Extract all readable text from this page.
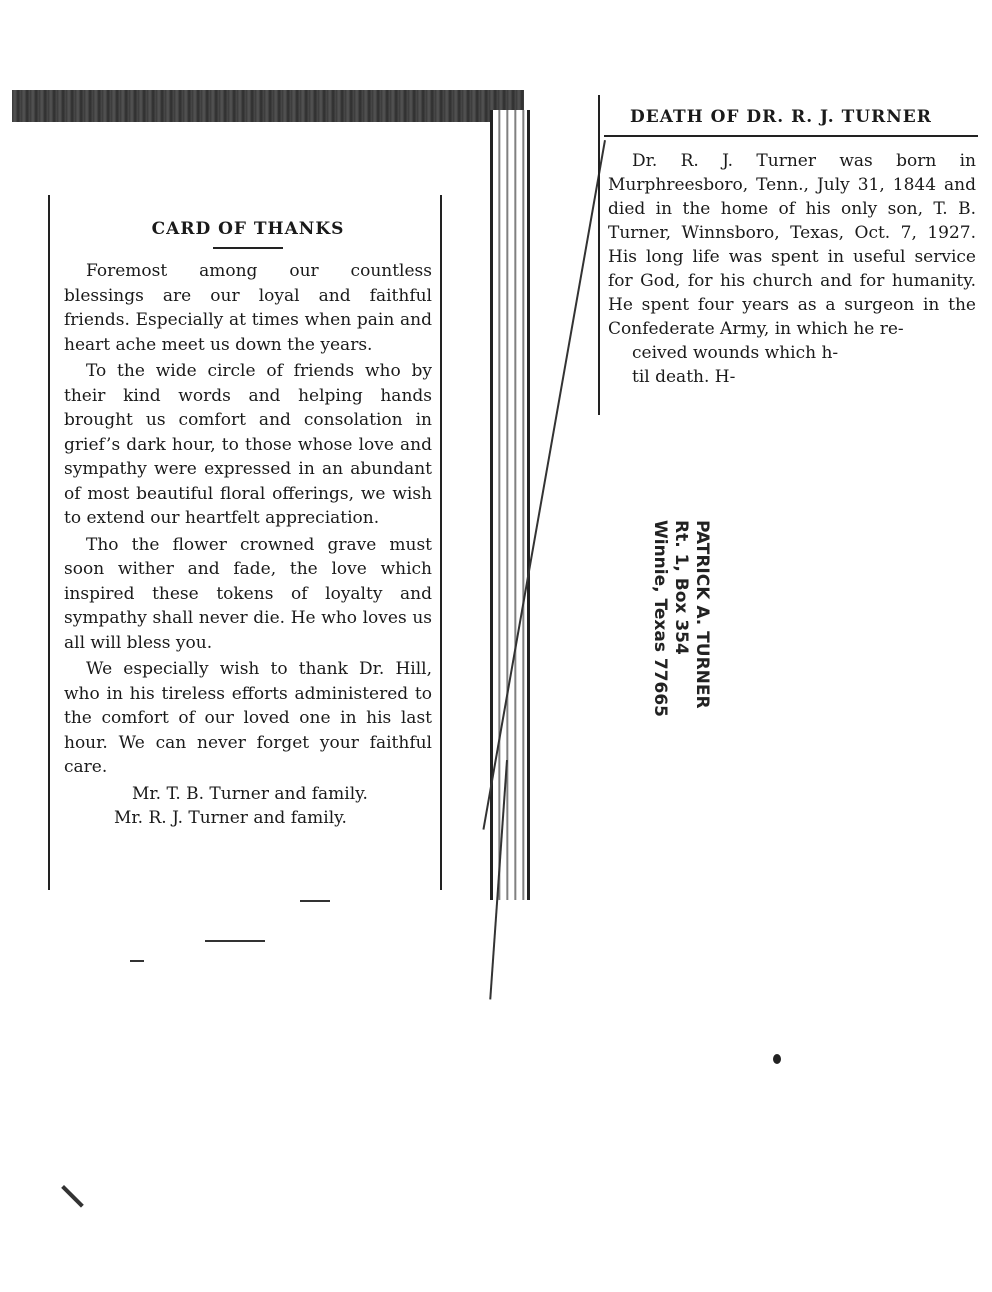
CARD OF THANKS

Foremost among our countless blessings are our loyal and faithful friends. Especially at times when pain and heart ache meet us down the years.

To the wide circle of friends who by their kind words and helping hands brought us comfort and consolation in grief’s dark hour, to those whose love and sympathy were expressed in an abundant of most beautiful floral offerings, we wish to extend our heartfelt appreciation.

Tho the flower crowned grave must soon wither and fade, the love which inspired these tokens of loyalty and sympathy shall never die. He who loves us all will bless you.

We especially wish to thank Dr. Hill, who in his tireless efforts administered to the comfort of our loved one in his last hour. We can never forget your faithful care.

Mr. T. B. Turner and family.

Mr. R. J. Turner and family.

DEATH OF DR. R. J. TURNER

Dr. R. J. Turner was born in Murphreesboro, Tenn., July 31, 1844 and died in the home of his only son, T. B. Turner, Winnsboro, Texas, Oct. 7, 1927. His long life was spent in useful service for God, for his church and for humanity. He spent four years as a surgeon in the Confederate Army, in which he re-

ceived wounds which h-

til death. H-

PATRICK A. TURNER
Rt. 1, Box 354
Winnie, Texas 77665
